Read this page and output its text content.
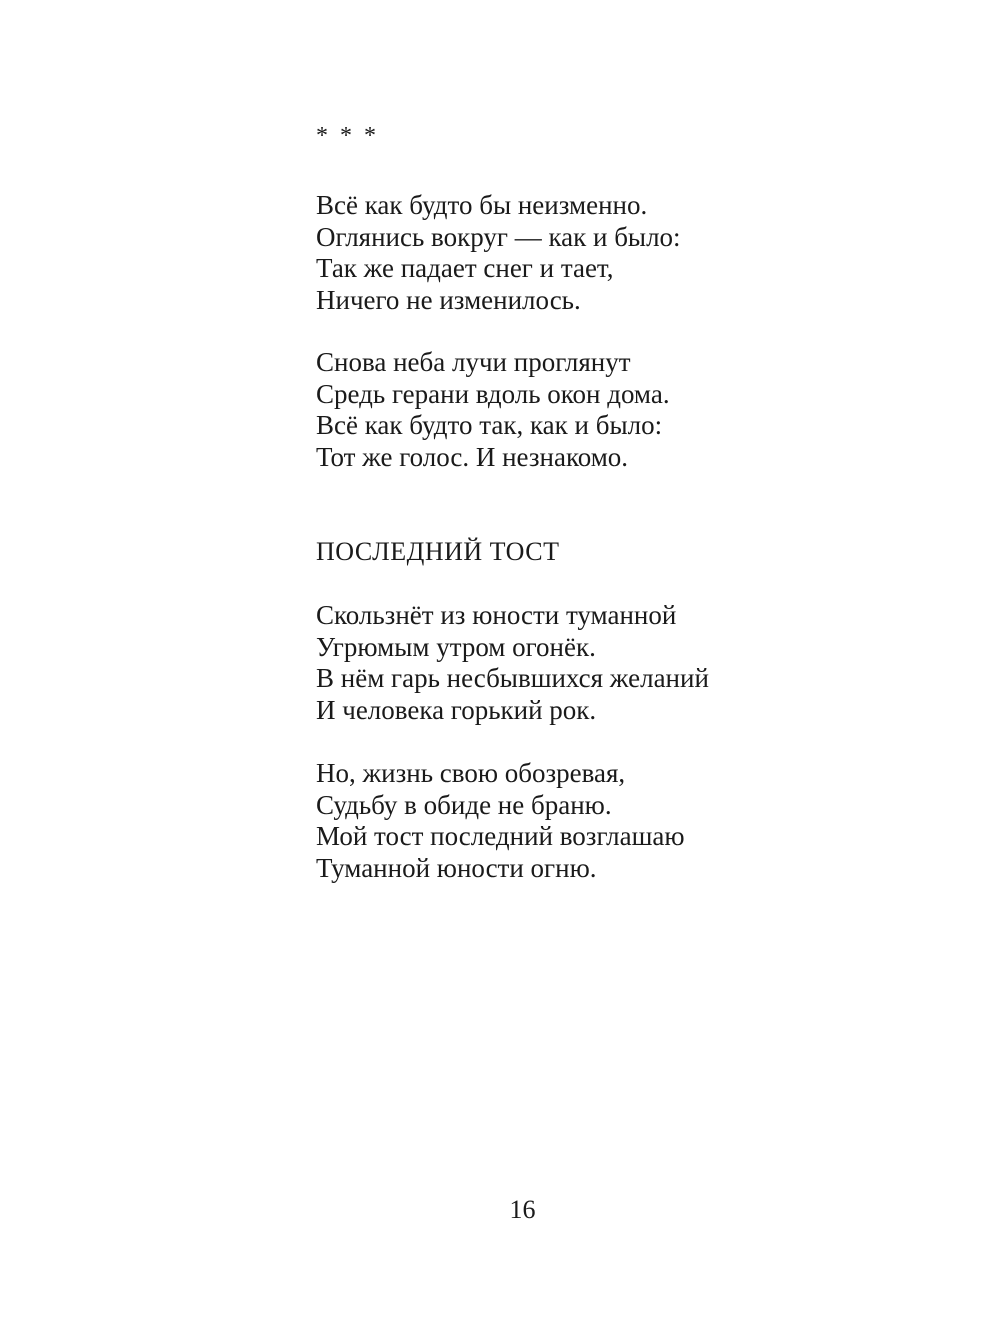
* * *
Всё как будто бы неизменно.
Оглянись вокруг — как и было:
Так же падает снег и тает,
Ничего не изменилось.
Снова неба лучи проглянут
Средь герани вдоль окон дома.
Всё как будто так, как и было:
Тот же голос. И незнакомо.
ПОСЛЕДНИЙ ТОСТ
Скользнёт из юности туманной
Угрюмым утром огонёк.
В нём гарь несбывшихся желаний
И человека горький рок.
Но, жизнь свою обозревая,
Судьбу в обиде не браню.
Мой тост последний возглашаю
Туманной юности огню.
16
